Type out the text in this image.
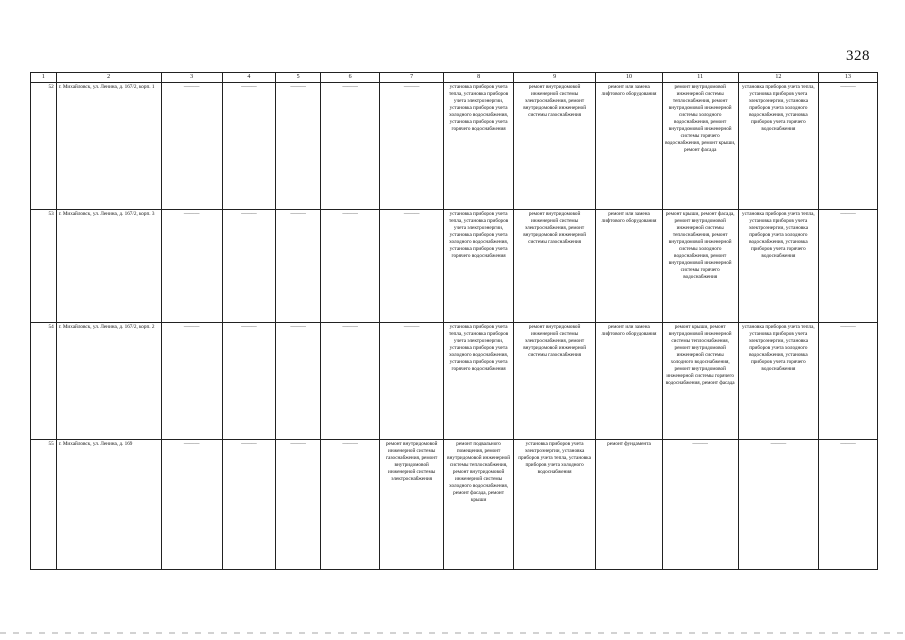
328
1	2	3	4	5	6	7	8	9	10	11	12	13
52	г. Михайловск, ул. Ленина, д. 167/2, корп. 1	———	———	———	———	———	установка приборов учета тепла, установка приборов учета электроэнергии, установка приборов учета холодного водоснабжения, установка приборов учета горячего водоснабжения	ремонт внутридомовой инженерной системы электроснабжения, ремонт внутридомовой инженерной системы газоснабжения	ремонт или замена лифтового оборудования	ремонт внутридомовой инженерной системы теплоснабжения, ремонт внутридомовой инженерной системы холодного водоснабжения, ремонт внутридомовой инженерной системы горячего водоснабжения, ремонт крыши, ремонт фасада	установка приборов учета тепла, установка приборов учета электроэнергии, установка приборов учета холодного водоснабжения, установка приборов учета горячего водоснабжения	———
53	г. Михайловск, ул. Ленина, д. 167/2, корп. 3	———	———	———	———	———	установка приборов учета тепла, установка приборов учета электроэнергии, установка приборов учета холодного водоснабжения, установка приборов учета горячего водоснабжения	ремонт внутридомовой инженерной системы электроснабжения, ремонт внутридомовой инженерной системы газоснабжения	ремонт или замена лифтового оборудования	ремонт крыши, ремонт фасада, ремонт внутридомовой инженерной системы теплоснабжения, ремонт внутридомовой инженерной системы холодного водоснабжения, ремонт внутридомовой инженерной системы горячего водоснабжения	установка приборов учета тепла, установка приборов учета электроэнергии, установка приборов учета холодного водоснабжения, установка приборов учета горячего водоснабжения	———
54	г. Михайловск, ул. Ленина, д. 167/2, корп. 2	———	———	———	———	———	установка приборов учета тепла, установка приборов учета электроэнергии, установка приборов учета холодного водоснабжения, установка приборов учета горячего водоснабжения	ремонт внутридомовой инженерной системы электроснабжения, ремонт внутридомовой инженерной системы газоснабжения	ремонт или замена лифтового оборудования	ремонт крыши, ремонт внутридомовой инженерной системы теплоснабжения, ремонт внутридомовой инженерной системы холодного водоснабжения, ремонт внутридомовой инженерной системы горячего водоснабжения, ремонт фасада	установка приборов учета тепла, установка приборов учета электроэнергии, установка приборов учета холодного водоснабжения, установка приборов учета горячего водоснабжения	———
55	г. Михайловск, ул. Ленина, д. 169	———	———	———	———	ремонт внутридомовой инженерной системы газоснабжения, ремонт внутридомовой инженерной системы электроснабжения	ремонт подвального помещения, ремонт внутридомовой инженерной системы теплоснабжения, ремонт внутридомовой инженерной системы холодного водоснабжения, ремонт фасада, ремонт крыши	установка приборов учета электроэнергии, установка приборов учета тепла, установка приборов учета холодного водоснабжения	ремонт фундамента	———	———	———
